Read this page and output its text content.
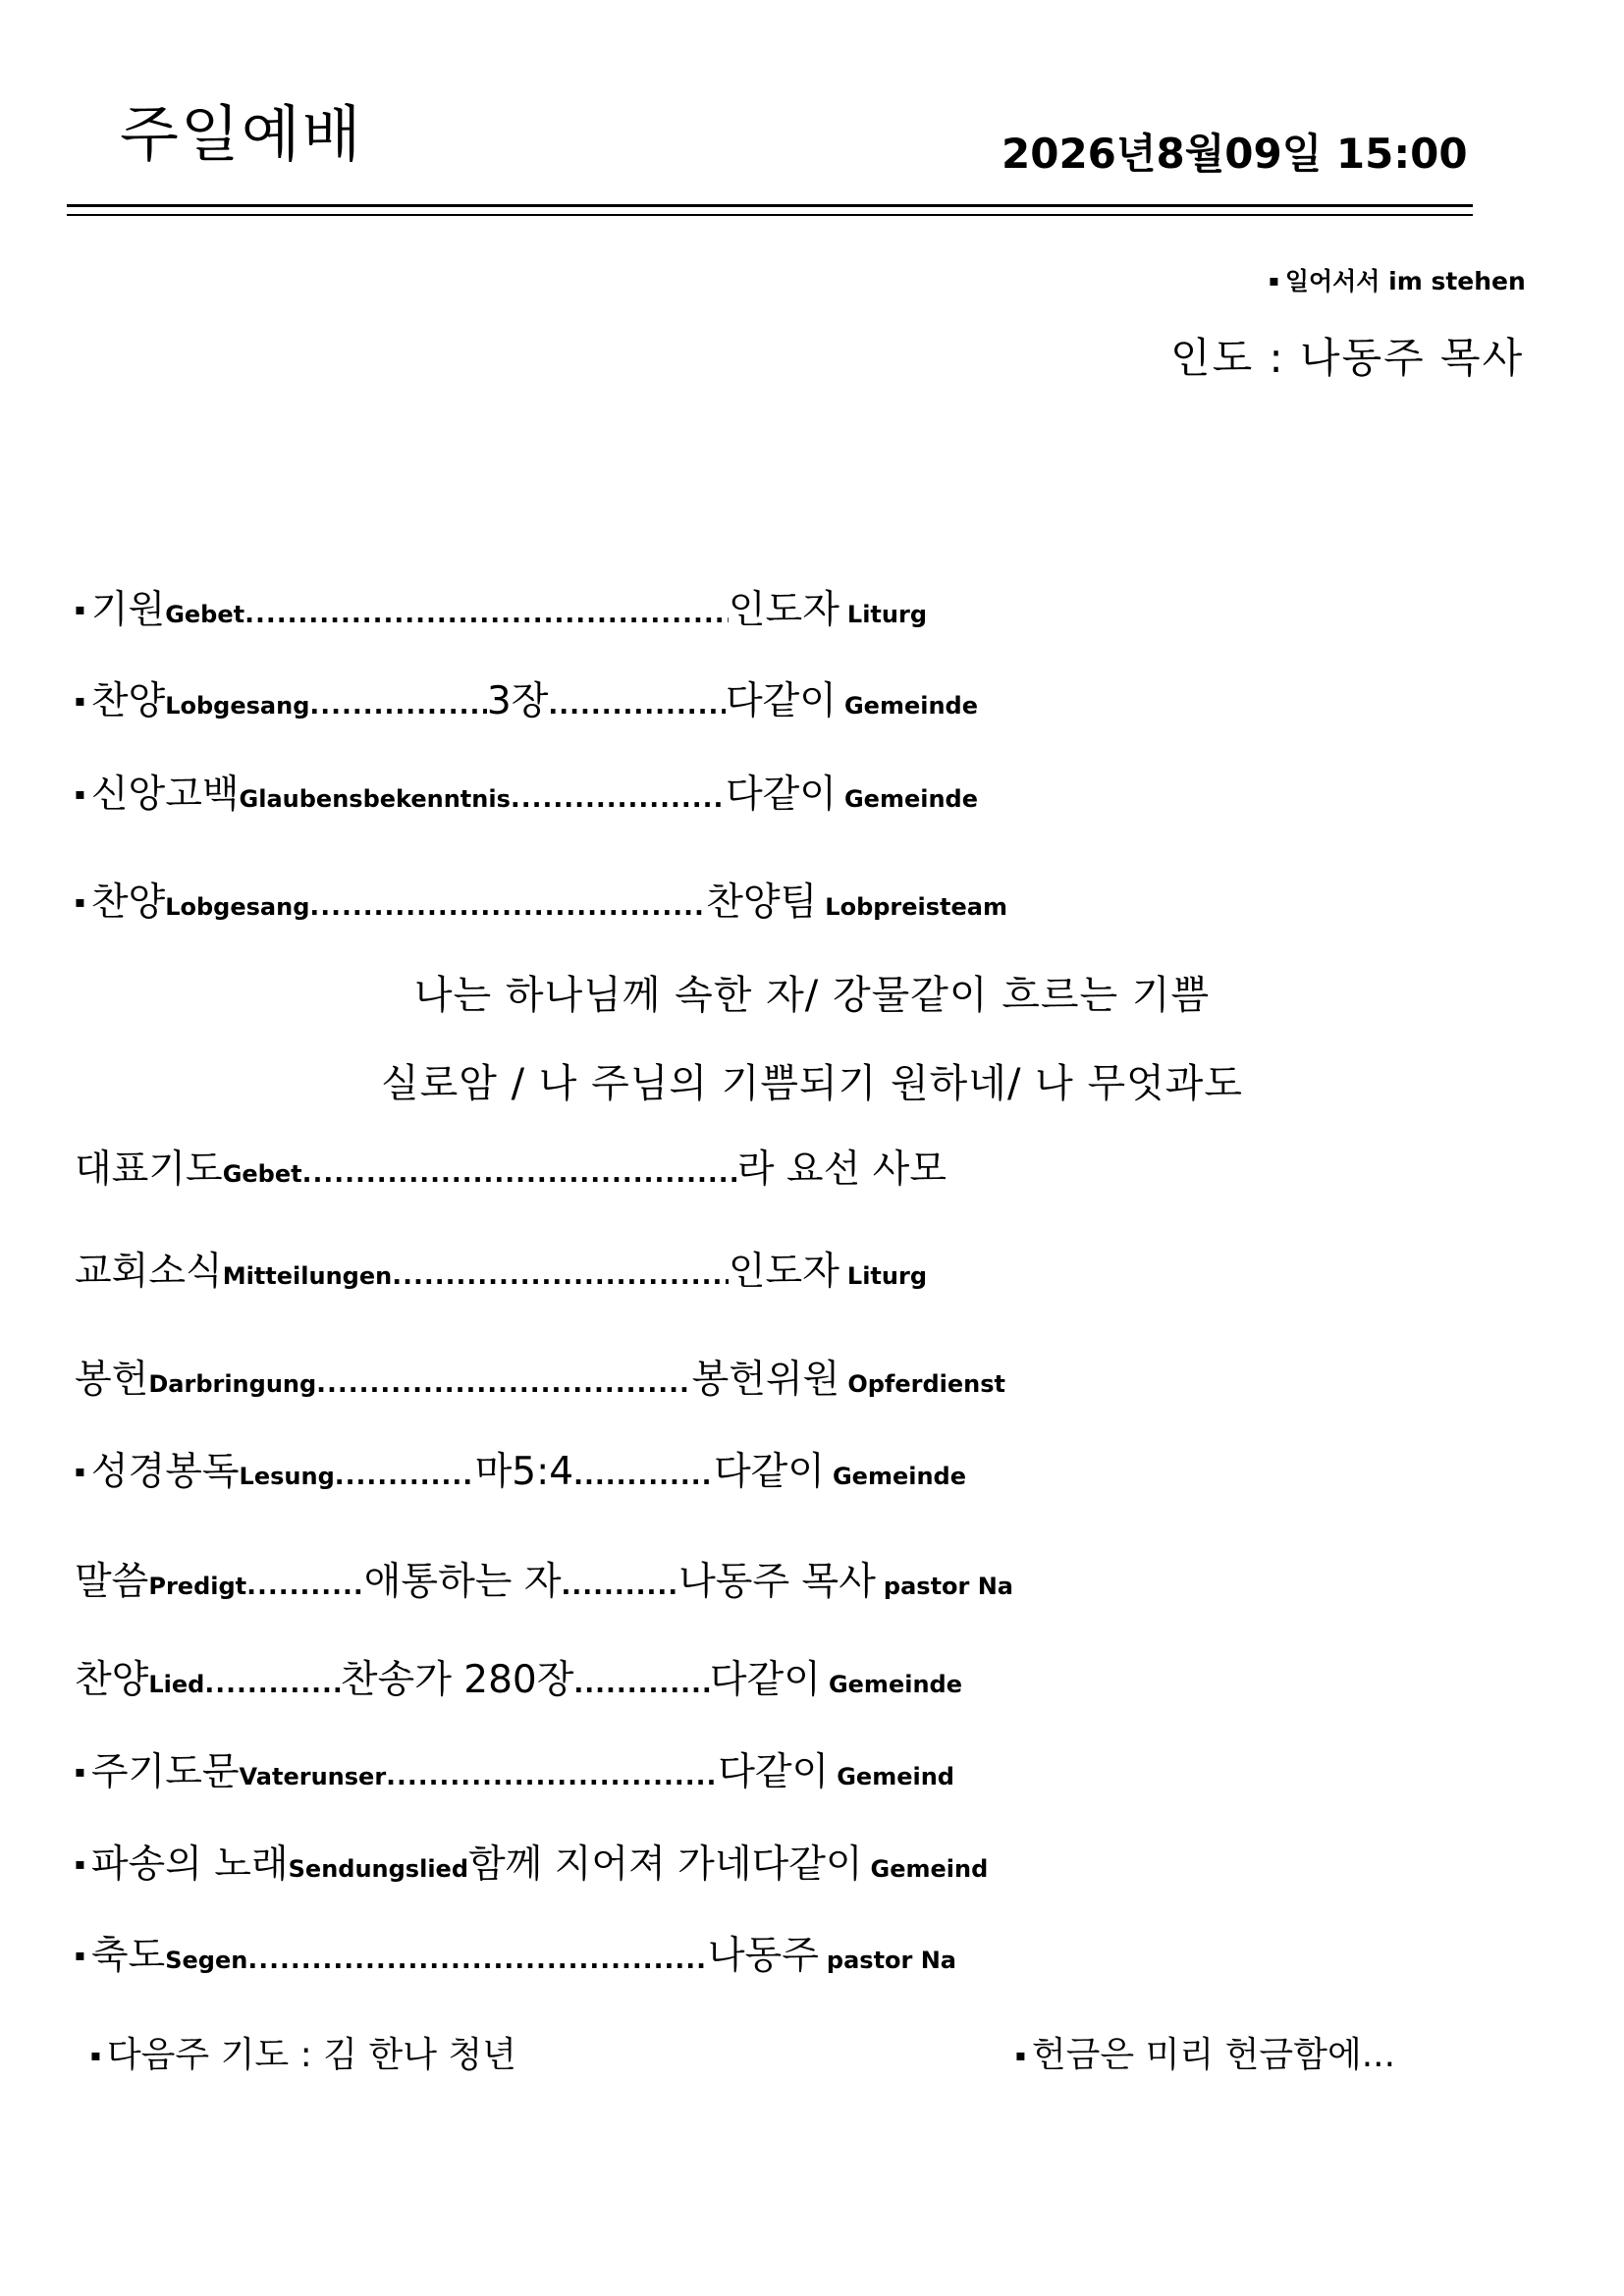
주일예배	2026년8월09일 15:00
▪ 일어서서 im stehen
인도 : 나동주 목사
▪ 기원 Gebet .....	인도자 Liturg
▪ 찬양 Lobgesang .....	3장 .....	다같이 Gemeinde
▪ 신앙고백 Glaubensbekenntnis .....	다같이 Gemeinde
▪ 찬양 Lobgesang .....	찬양팀 Lobpreisteam
대표기도 Gebet .....	라 요선 사모
교회소식 Mitteilungen .....	인도자 Liturg
봉헌 Darbringung .....	봉헌위원 Opferdienst
▪ 성경봉독 Lesung .....	마5:4 .....	다같이 Gemeinde
말씀 Predigt .....	애통하는 자 .....	나동주 목사 pastor Na
찬양 Lied .....	찬송가 280장 .....	다같이 Gemeinde
▪ 주기도문 Vaterunser .....	다같이 Gemeind
▪ 파송의 노래 Sendungslied 함께 지어져 가네 다같이 Gemeind
▪ 축도 Segen .....	나동주 pastor Na
나는 하나님께 속한 자/ 강물같이 흐르는 기쁨
실로암 / 나 주님의 기쁨되기 원하네/ 나 무엇과도
▪ 다음주 기도 : 김 한나 청년	▪ 헌금은 미리 헌금함에...
